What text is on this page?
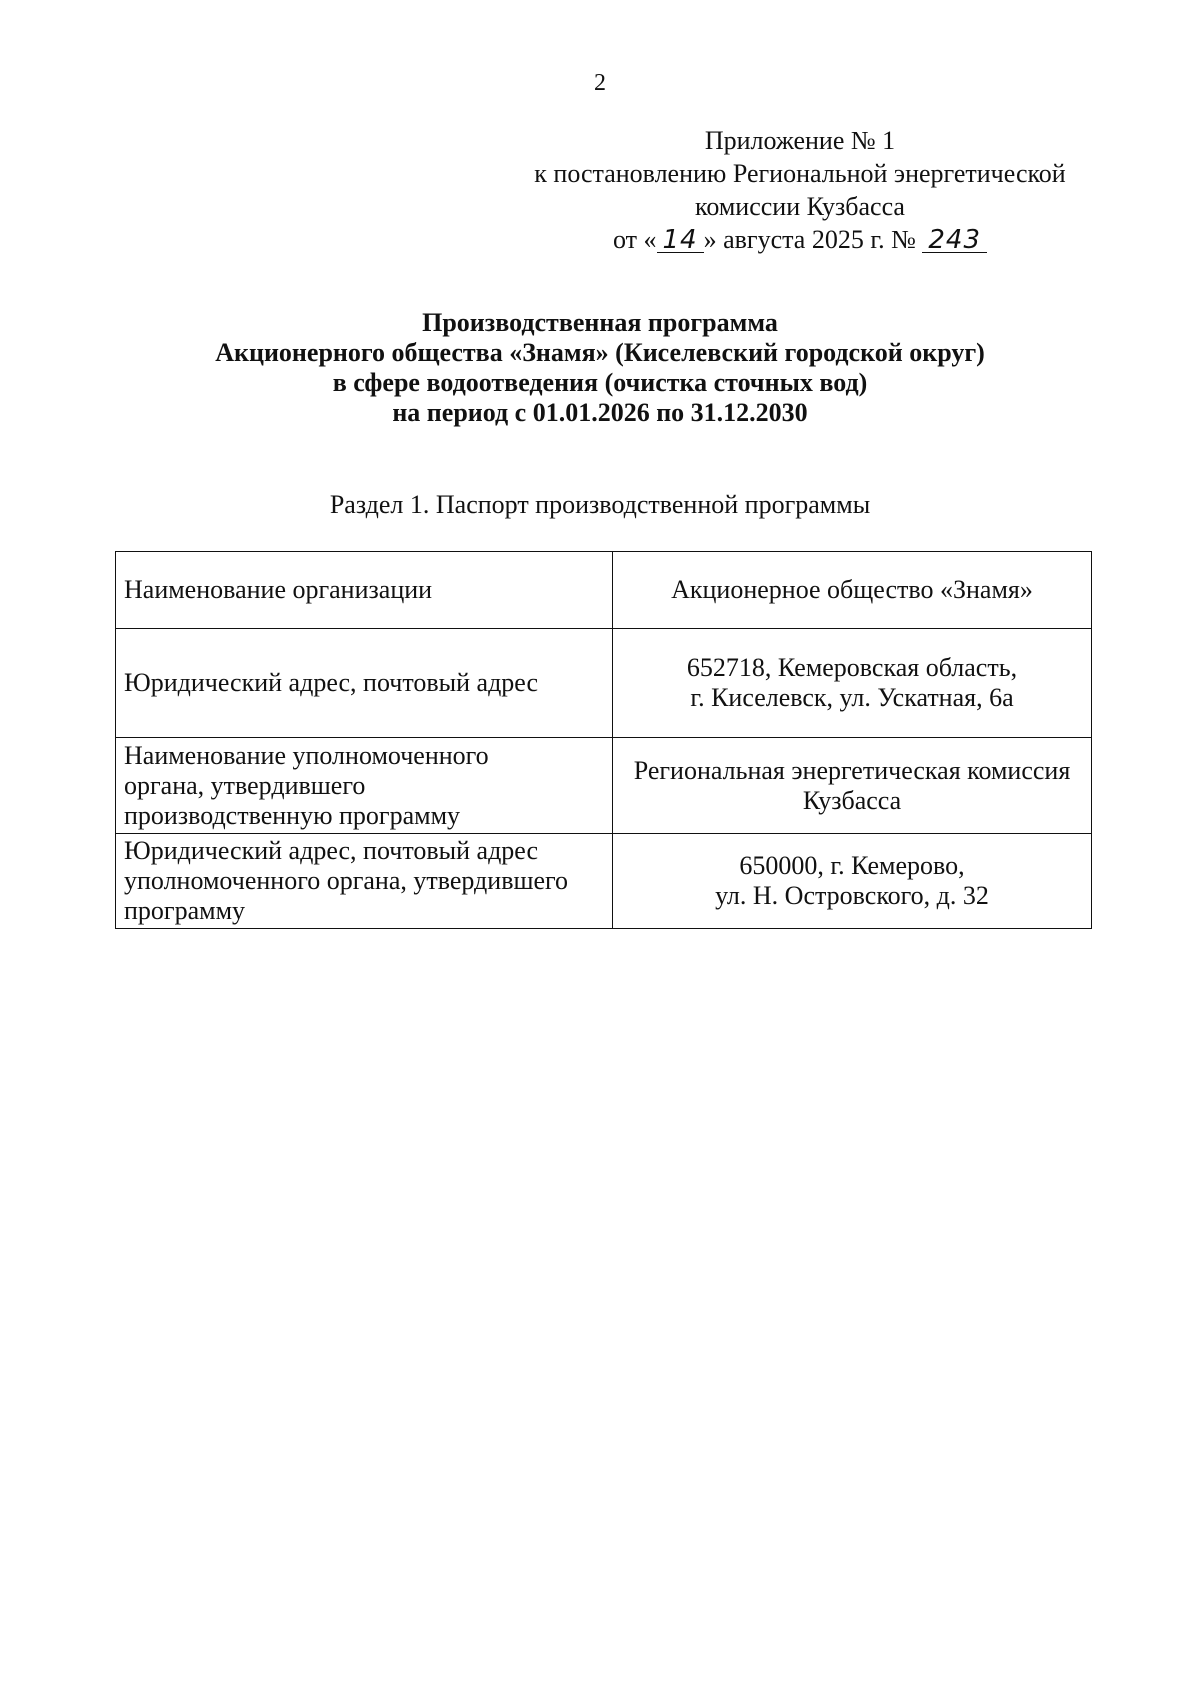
2
Приложение № 1
к постановлению Региональной энергетической
комиссии Кузбасса
от « 14 » августа 2025 г. № 243
Производственная программа
Акционерного общества «Знамя» (Киселевский городской округ)
в сфере водоотведения (очистка сточных вод)
на период с 01.01.2026 по 31.12.2030
Раздел 1. Паспорт производственной программы
Наименование организации	Акционерное общество «Знамя»

Юридический адрес, почтовый адрес	652718, Кемеровская область,
г. Киселевск, ул. Ускатная, 6а

Наименование уполномоченного
органа, утвердившего
производственную программу	Региональная энергетическая комиссия
Кузбасса

Юридический адрес, почтовый адрес
уполномоченного органа, утвердившего
программу	650000, г. Кемерово,
ул. Н. Островского, д. 32
